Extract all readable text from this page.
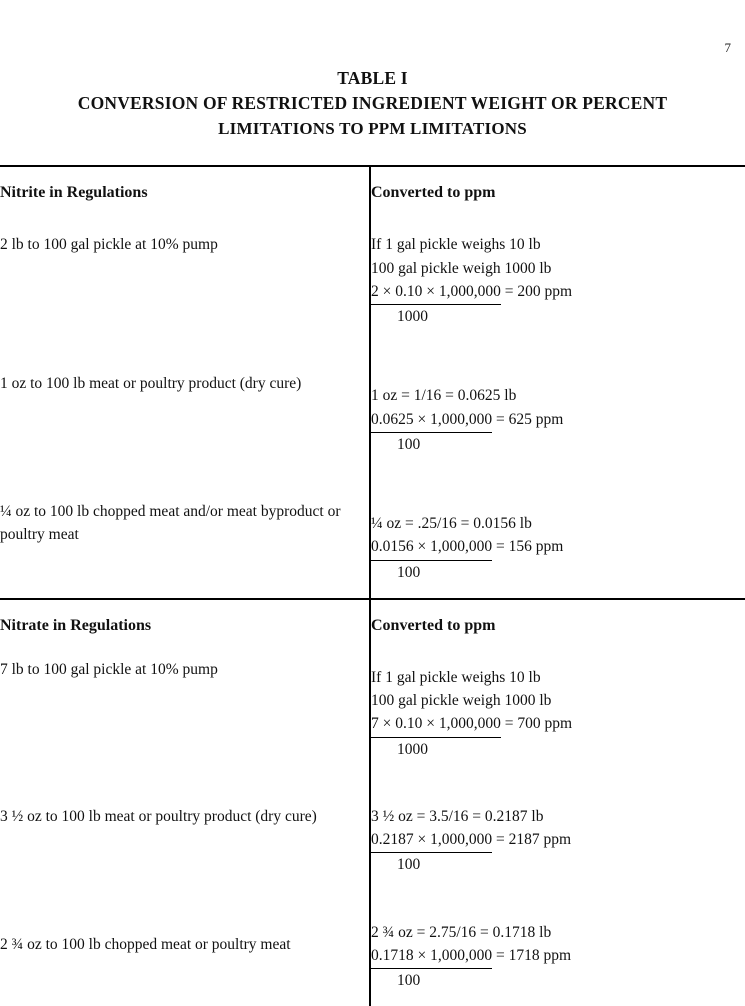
7
TABLE I
CONVERSION OF RESTRICTED INGREDIENT WEIGHT OR PERCENT
LIMITATIONS TO PPM LIMITATIONS
Nitrite in Regulations	Converted to ppm
2 lb to 100 gal pickle at 10% pump	If 1 gal pickle weighs 10 lb
100 gal pickle weigh 1000 lb
2 × 0.10 × 1,000,000 = 200 ppm
1000

1 oz to 100 lb meat or poultry product (dry cure)	1 oz = 1/16 = 0.0625 lb
0.0625 × 1,000,000 = 625 ppm
100

¼ oz to 100 lb chopped meat and/or meat byproduct or poultry meat	¼ oz = .25/16 = 0.0156 lb
0.0156 × 1,000,000 = 156 ppm
100

Nitrate in Regulations	Converted to ppm
7 lb to 100 gal pickle at 10% pump	If 1 gal pickle weighs 10 lb
100 gal pickle weigh 1000 lb
7 × 0.10 × 1,000,000 = 700 ppm
1000

3 ½ oz to 100 lb meat or poultry product (dry cure)	3 ½ oz = 3.5/16 = 0.2187 lb
0.2187 × 1,000,000 = 2187 ppm
100

2 ¾ oz to 100 lb chopped meat or poultry meat	2 ¾ oz = 2.75/16 = 0.1718 lb
0.1718 × 1,000,000 = 1718 ppm
100
